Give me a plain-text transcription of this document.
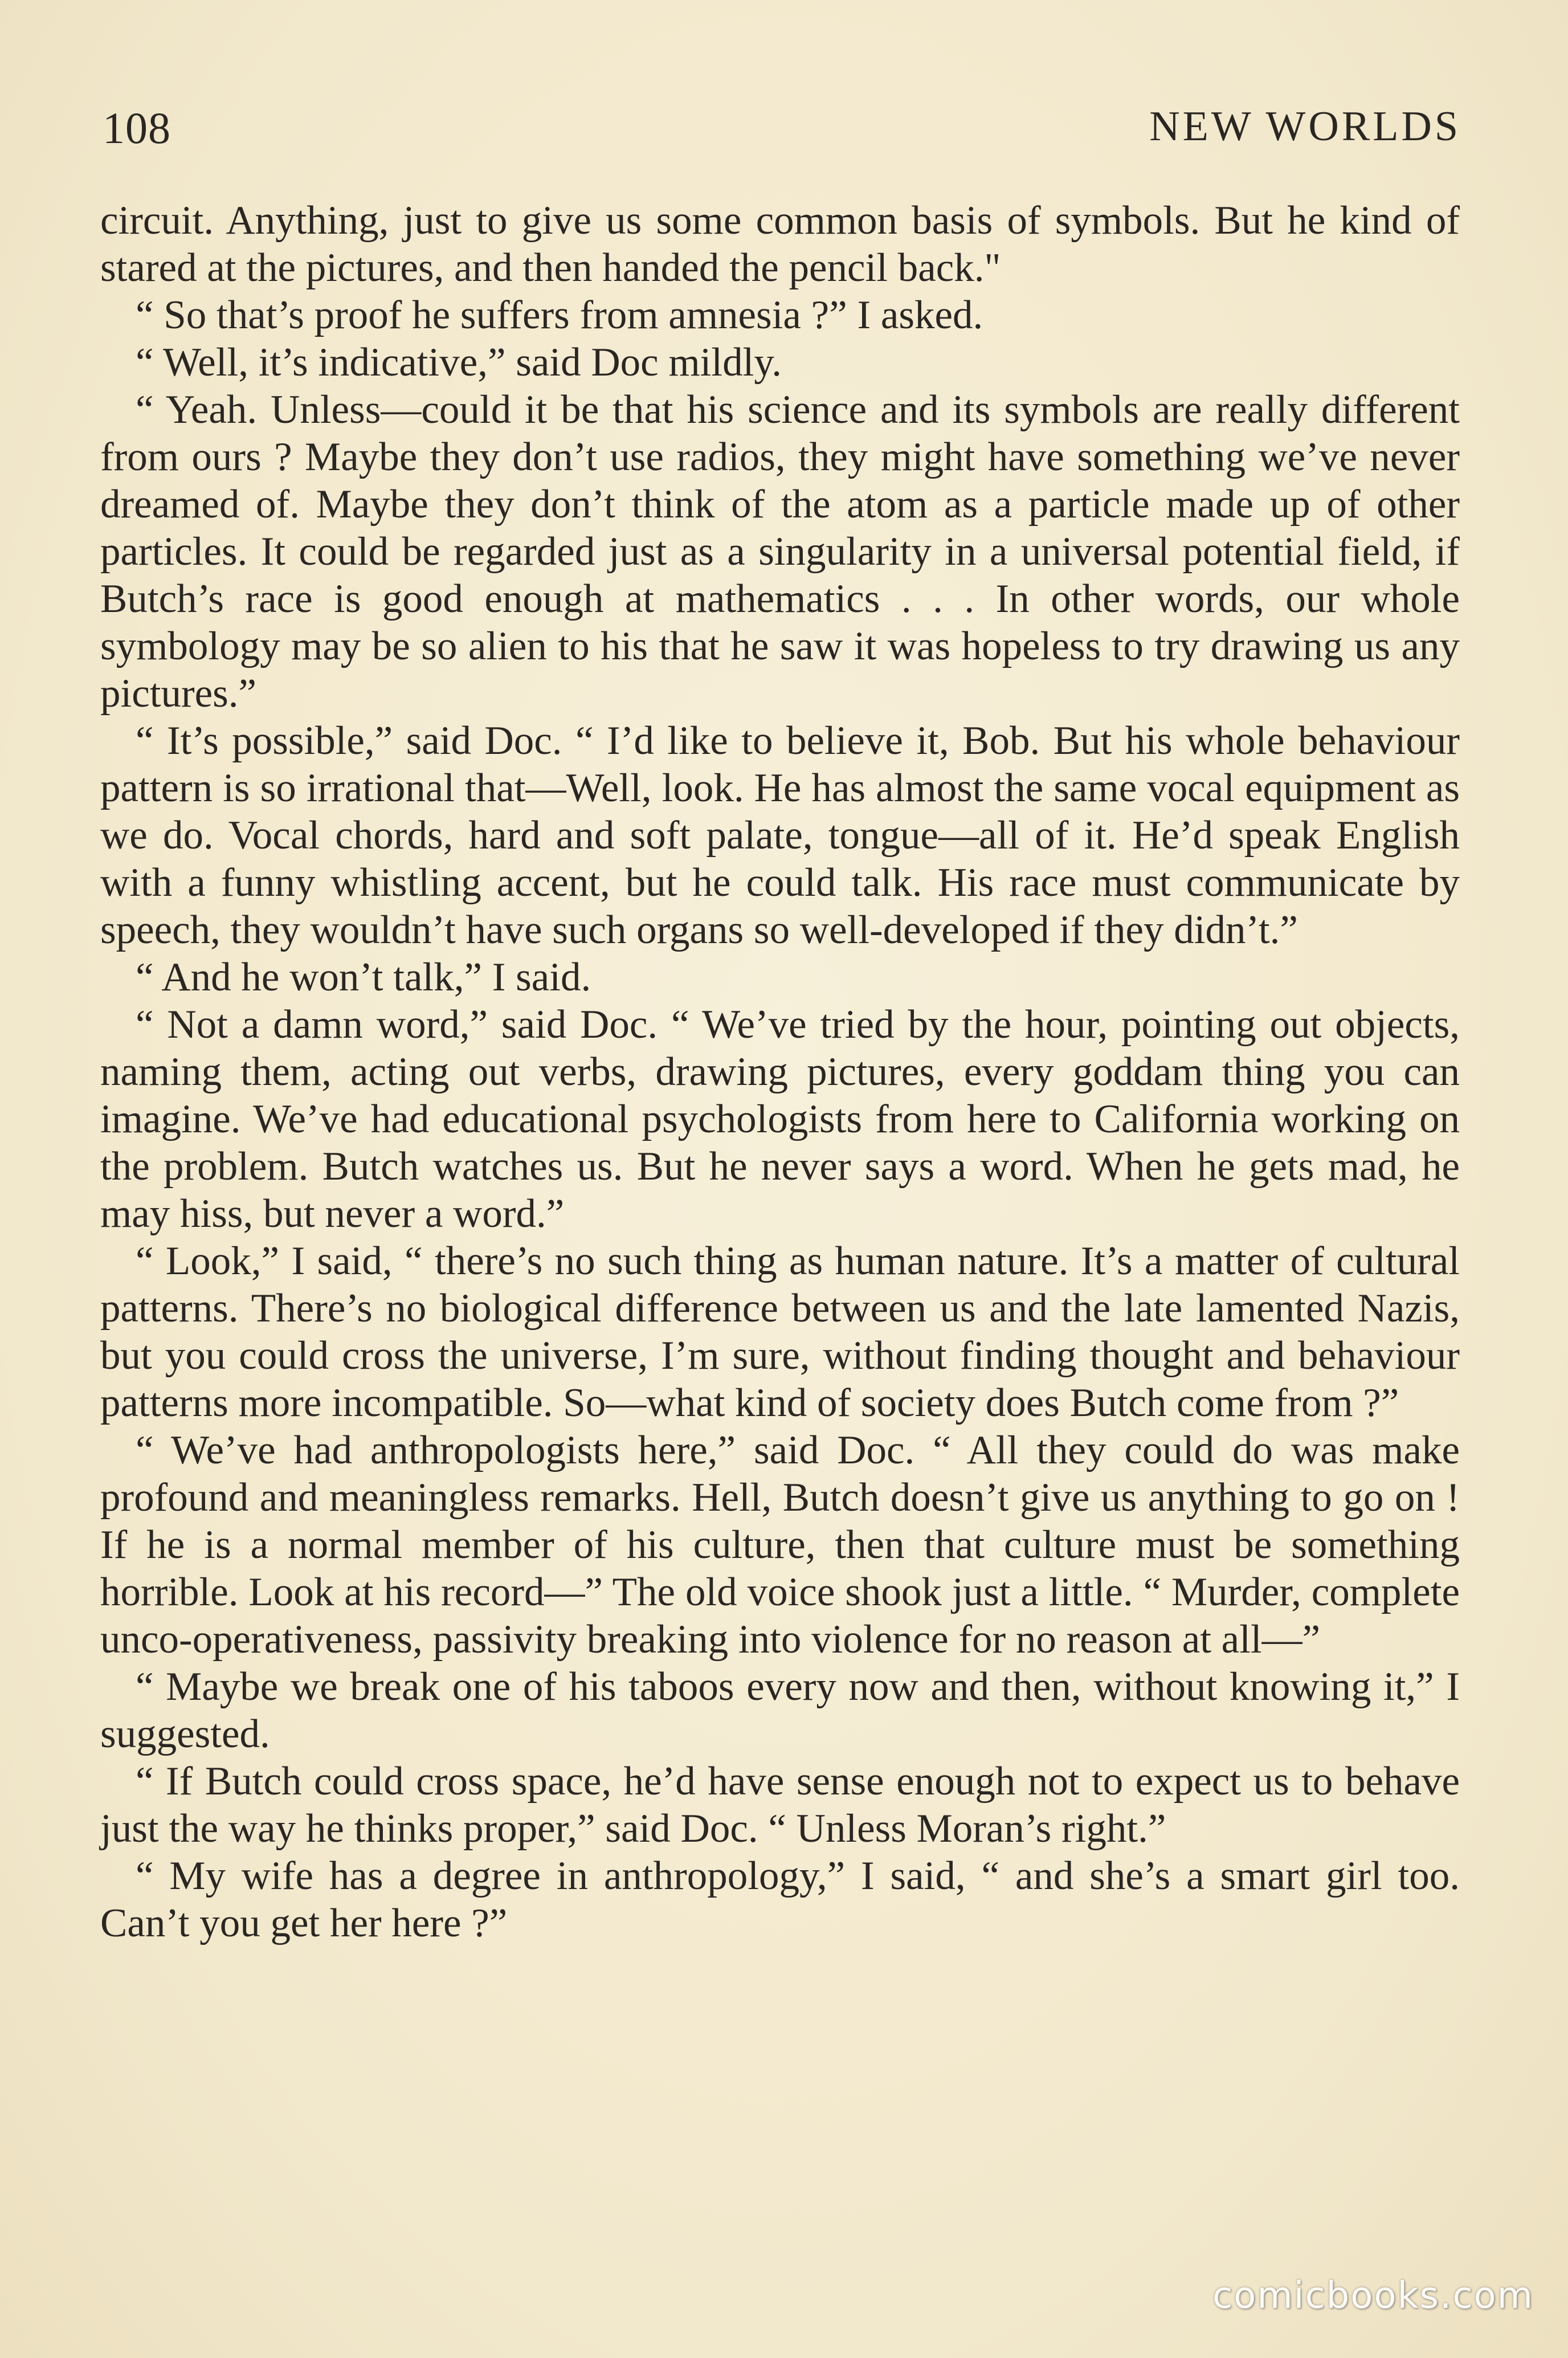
108	NEW WORLDS

circuit. Anything, just to give us some common basis of symbols. But he kind of stared at the pictures, and then handed the pencil back."

“ So that’s proof he suffers from amnesia ?” I asked.

“ Well, it’s indicative,” said Doc mildly.

“ Yeah. Unless—could it be that his science and its symbols are really different from ours ? Maybe they don’t use radios, they might have something we’ve never dreamed of. Maybe they don’t think of the atom as a particle made up of other particles. It could be regarded just as a singularity in a universal potential field, if Butch’s race is good enough at mathematics . . . In other words, our whole symbology may be so alien to his that he saw it was hopeless to try drawing us any pictures.”

“ It’s possible,” said Doc. “ I’d like to believe it, Bob. But his whole behaviour pattern is so irrational that—Well, look. He has almost the same vocal equipment as we do. Vocal chords, hard and soft palate, tongue—all of it. He’d speak English with a funny whistling accent, but he could talk. His race must communicate by speech, they wouldn’t have such organs so well-developed if they didn’t.”

“ And he won’t talk,” I said.

“ Not a damn word,” said Doc. “ We’ve tried by the hour, pointing out objects, naming them, acting out verbs, drawing pictures, every goddam thing you can imagine. We’ve had educational psychologists from here to California working on the problem. Butch watches us. But he never says a word. When he gets mad, he may hiss, but never a word.”

“ Look,” I said, “ there’s no such thing as human nature. It’s a matter of cultural patterns. There’s no biological difference between us and the late lamented Nazis, but you could cross the universe, I’m sure, without finding thought and behaviour patterns more incompatible. So—what kind of society does Butch come from ?”

“ We’ve had anthropologists here,” said Doc. “ All they could do was make profound and meaningless remarks. Hell, Butch doesn’t give us anything to go on ! If he is a normal member of his culture, then that culture must be something horrible. Look at his record—” The old voice shook just a little. “ Murder, complete unco-operativeness, passivity breaking into violence for no reason at all—”

“ Maybe we break one of his taboos every now and then, without knowing it,” I suggested.

“ If Butch could cross space, he’d have sense enough not to expect us to behave just the way he thinks proper,” said Doc. “ Unless Moran’s right.”

“ My wife has a degree in anthropology,” I said, “ and she’s a smart girl too. Can’t you get her here ?”

comicbooks.com
